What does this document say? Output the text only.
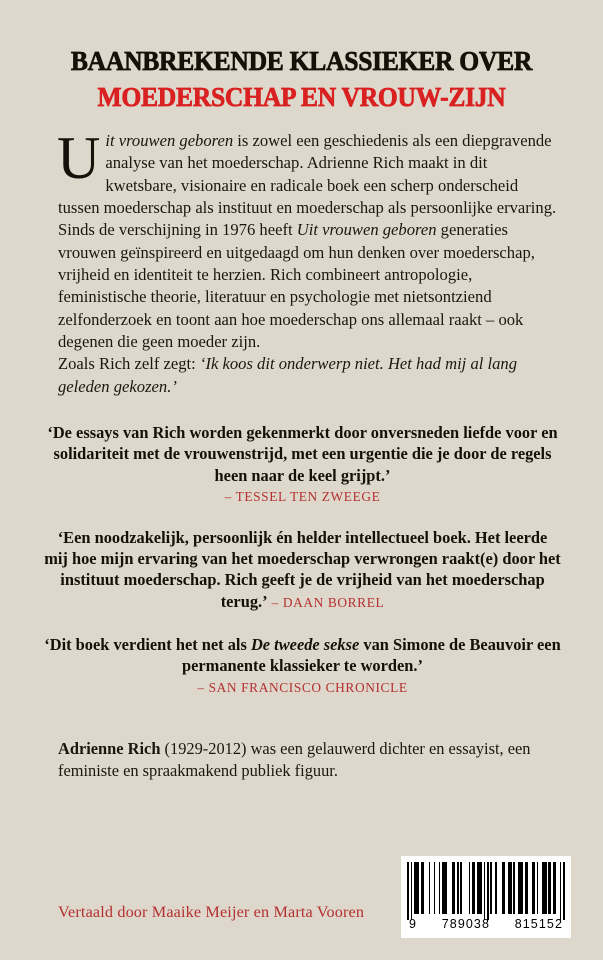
BAANBREKENDE KLASSIEKER OVER
MOEDERSCHAP EN VROUW-ZIJN

Uit vrouwen geboren is zowel een geschiedenis als een diepgravende analyse van het moederschap. Adrienne Rich maakt in dit kwetsbare, visionaire en radicale boek een scherp onderscheid tussen moederschap als instituut en moederschap als persoonlijke ervaring.

Sinds de verschijning in 1976 heeft Uit vrouwen geboren generaties vrouwen geïnspireerd en uitgedaagd om hun denken over moederschap, vrijheid en identiteit te herzien. Rich combineert antropologie, feministische theorie, literatuur en psychologie met nietsontziend zelfonderzoek en toont aan hoe moederschap ons allemaal raakt – ook degenen die geen moeder zijn.

Zoals Rich zelf zegt: ‘Ik koos dit onderwerp niet. Het had mij al lang geleden gekozen.’

‘De essays van Rich worden gekenmerkt door onversneden liefde voor en solidariteit met de vrouwenstrijd, met een urgentie die je door de regels heen naar de keel grijpt.’
– TESSEL TEN ZWEEGE
‘Een noodzakelijk, persoonlijk én helder intellectueel boek. Het leerde mij hoe mijn ervaring van het moederschap verwrongen raakt(e) door het instituut moederschap. Rich geeft je de vrijheid van het moederschap terug.’ – DAAN BORREL
‘Dit boek verdient het net als De tweede sekse van Simone de Beauvoir een permanente klassieker te worden.’
– SAN FRANCISCO CHRONICLE
Adrienne Rich (1929-2012) was een gelauwerd dichter en essayist, een feministe en spraakmakend publiek figuur.
Vertaald door Maaike Meijer en Marta Vooren
9 789038 815152
